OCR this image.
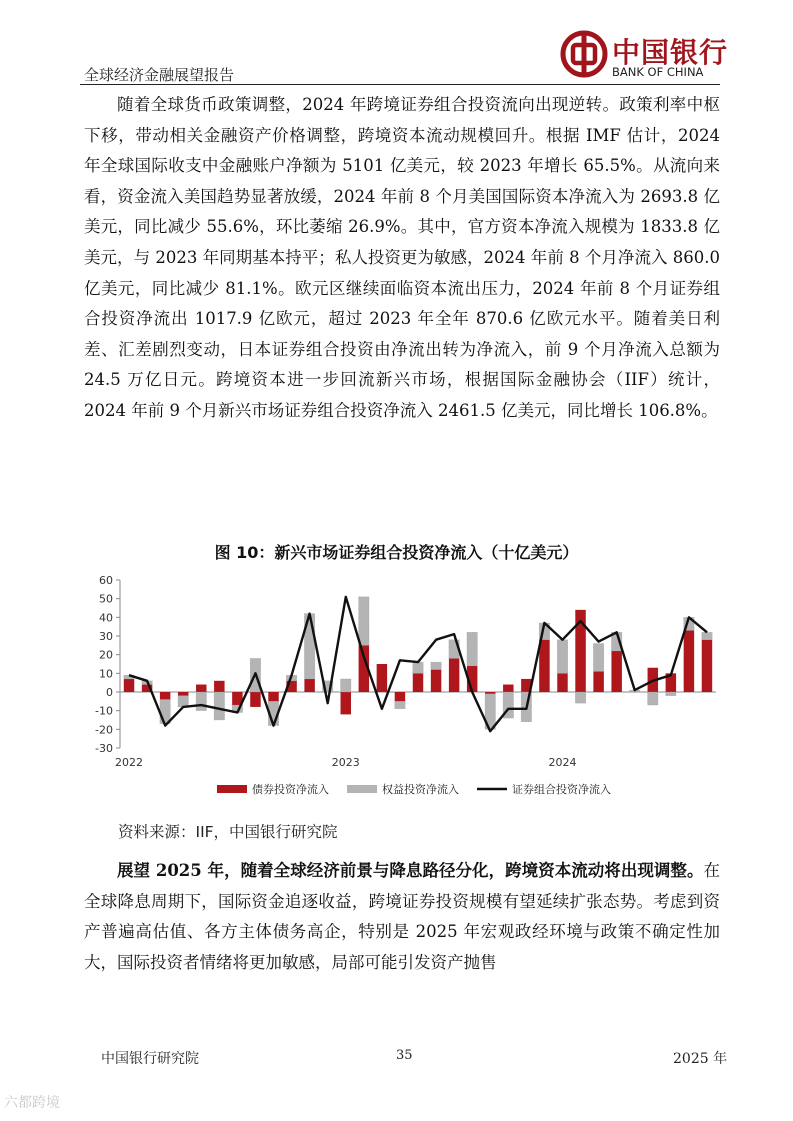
全球经济金融展望报告
中国银行
BANK OF CHINA

随着全球货币政策调整，2024 年跨境证券组合投资流向出现逆转。政策利率中枢下移，带动相关金融资产价格调整，跨境资本流动规模回升。根据 IMF 估计，2024 年全球国际收支中金融账户净额为 5101 亿美元，较 2023 年增长 65.5%。从流向来看，资金流入美国趋势显著放缓，2024 年前 8 个月美国国际资本净流入为 2693.8 亿美元，同比减少 55.6%，环比萎缩 26.9%。其中，官方资本净流入规模为 1833.8 亿美元，与 2023 年同期基本持平；私人投资更为敏感，2024 年前 8 个月净流入 860.0 亿美元，同比减少 81.1%。欧元区继续面临资本流出压力，2024 年前 8 个月证券组合投资净流出 1017.9 亿欧元，超过 2023 年全年 870.6 亿欧元水平。随着美日利差、汇差剧烈变动，日本证券组合投资由净流出转为净流入，前 9 个月净流入总额为 24.5 万亿日元。跨境资本进一步回流新兴市场，根据国际金融协会（IIF）统计，2024 年前 9 个月新兴市场证券组合投资净流入 2461.5 亿美元，同比增长 106.8%。

图 10：新兴市场证券组合投资净流入（十亿美元）
-30
-20
-10
0
10
20
30
40
50
60
2022	2023	2024
债券投资净流入	权益投资净流入	证券组合投资净流入
资料来源：IIF，中国银行研究院

展望 2025 年，随着全球经济前景与降息路径分化，跨境资本流动将出现调整。在全球降息周期下，国际资金追逐收益，跨境证券投资规模有望延续扩张态势。考虑到资产普遍高估值、各方主体债务高企，特别是 2025 年宏观政经环境与政策不确定性加大，国际投资者情绪将更加敏感，局部可能引发资产抛售

中国银行研究院	35	2025 年
六都跨境
